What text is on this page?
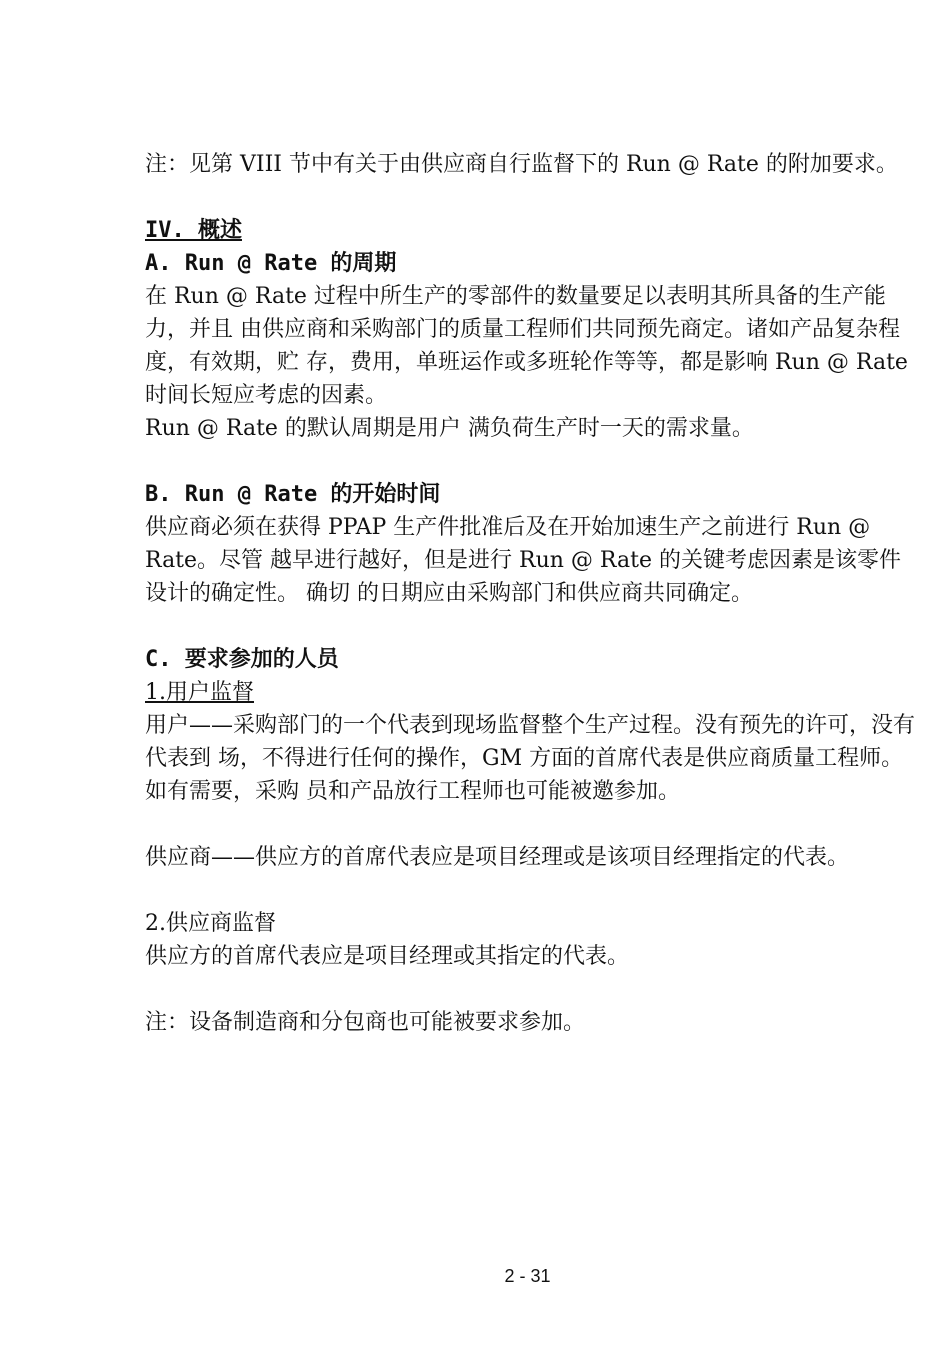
注：见第 VIII 节中有关于由供应商自行监督下的 Run @ Rate 的附加要求。

IV. 概述

A. Run @ Rate 的周期

在 Run @ Rate 过程中所生产的零部件的数量要足以表明其所具备的生产能力，并且 由供应商和采购部门的质量工程师们共同预先商定。诸如产品复杂程度，有效期，贮 存，费用，单班运作或多班轮作等等，都是影响 Run @ Rate 时间长短应考虑的因素。

Run @ Rate 的默认周期是用户 满负荷生产时一天的需求量。

B. Run @ Rate 的开始时间

供应商必须在获得 PPAP 生产件批准后及在开始加速生产之前进行 Run @ Rate。尽管 越早进行越好，但是进行 Run @ Rate 的关键考虑因素是该零件设计的确定性。 确切 的日期应由采购部门和供应商共同确定。

C. 要求参加的人员

1.用户监督

用户——采购部门的一个代表到现场监督整个生产过程。没有预先的许可，没有代表到 场，不得进行任何的操作，GM 方面的首席代表是供应商质量工程师。如有需要，采购 员和产品放行工程师也可能被邀参加。

供应商——供应方的首席代表应是项目经理或是该项目经理指定的代表。

2.供应商监督

供应方的首席代表应是项目经理或其指定的代表。

注：设备制造商和分包商也可能被要求参加。

2 - 31
